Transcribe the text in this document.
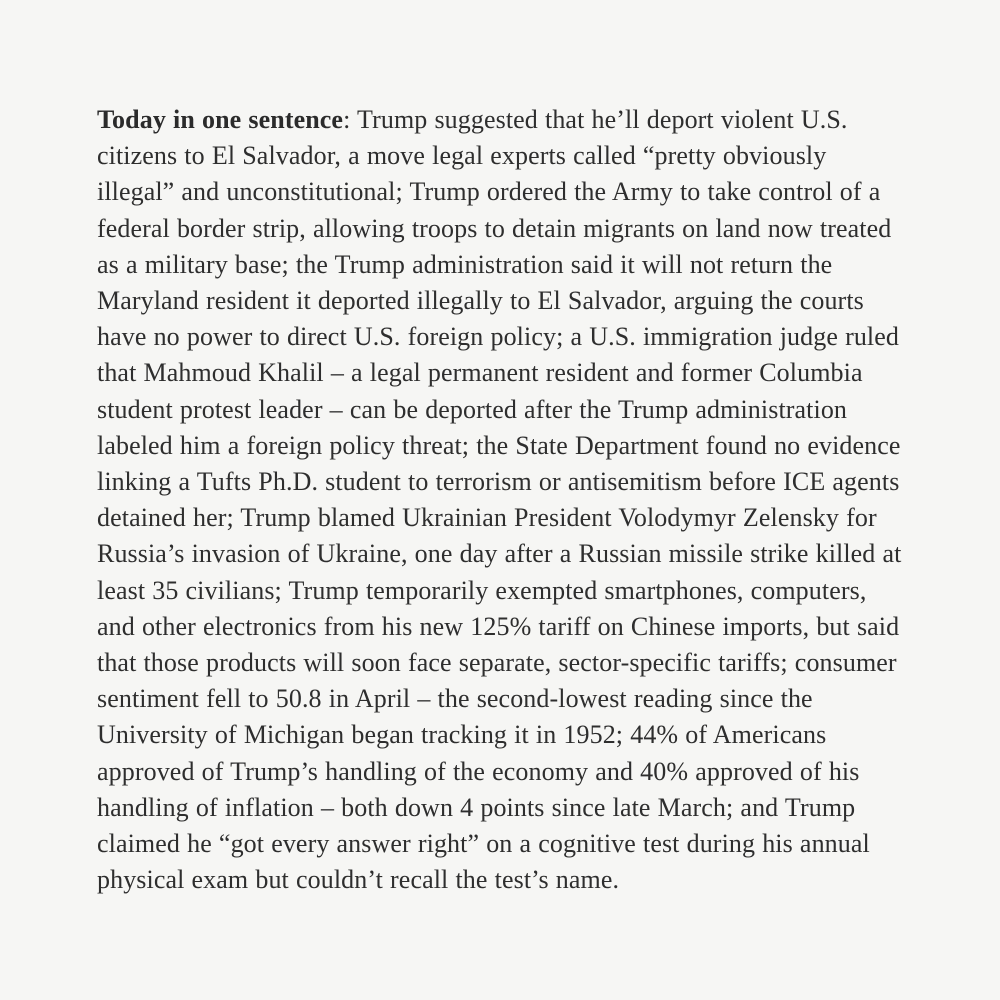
Today in one sentence: Trump suggested that he’ll deport violent U.S. citizens to El Salvador, a move legal experts called “pretty obviously illegal” and unconstitutional; Trump ordered the Army to take control of a federal border strip, allowing troops to detain migrants on land now treated as a military base; the Trump administration said it will not return the Maryland resident it deported illegally to El Salvador, arguing the courts have no power to direct U.S. foreign policy; a U.S. immigration judge ruled that Mahmoud Khalil – a legal permanent resident and former Columbia student protest leader – can be deported after the Trump administration labeled him a foreign policy threat; the State Department found no evidence linking a Tufts Ph.D. student to terrorism or antisemitism before ICE agents detained her; Trump blamed Ukrainian President Volodymyr Zelensky for Russia’s invasion of Ukraine, one day after a Russian missile strike killed at least 35 civilians; Trump temporarily exempted smartphones, computers, and other electronics from his new 125% tariff on Chinese imports, but said that those products will soon face separate, sector-specific tariffs; consumer sentiment fell to 50.8 in April – the second-lowest reading since the University of Michigan began tracking it in 1952; 44% of Americans approved of Trump’s handling of the economy and 40% approved of his handling of inflation – both down 4 points since late March; and Trump claimed he “got every answer right” on a cognitive test during his annual physical exam but couldn’t recall the test’s name.
